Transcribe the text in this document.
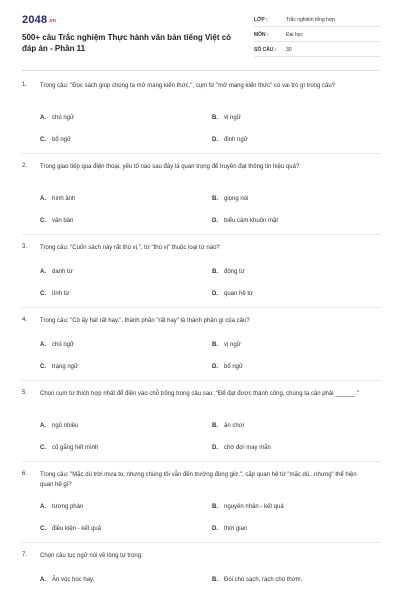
2048.vn
500+ câu Trắc nghiệm Thực hành văn bản tiếng Việt có đáp án - Phần 11
LỚP :	Trắc nghiệm tổng hợp
MÔN :	Đại học
SỐ CÂU : 30
1. Trong câu: "Đọc sách giúp chúng ta mở mang kiến thức.", cụm từ "mở mang kiến thức" có vai trò gì trong câu?
A. chủ ngữ	B. vị ngữ
C. bổ ngữ	D. định ngữ
2. Trong giao tiếp qua điện thoại, yếu tố nào sau đây là quan trọng để truyền đạt thông tin hiệu quả?
A. hình ảnh	B. giọng nói
C. văn bản	D. biểu cảm khuôn mặt
3. Trong câu: "Cuốn sách này rất thú vị.", từ "thú vị" thuộc loại từ nào?
A. danh từ	B. động từ
C. tính từ	D. quan hệ từ
4. Trong câu: "Cô ấy hát rất hay.", thành phần "rất hay" là thành phần gì của câu?
A. chủ ngữ	B. vị ngữ
C. trạng ngữ	D. bổ ngữ
5. Chọn cụm từ thích hợp nhất để điền vào chỗ trống trong câu sau: "Để đạt được thành công, chúng ta cần phải ______."
A. ngủ nhiều	B. ăn chơi
C. cố gắng hết mình	D. chờ đợi may mắn
6. Trong câu: "Mặc dù trời mưa to, nhưng chúng tôi vẫn đến trường đúng giờ.", cặp quan hệ từ "mặc dù...nhưng" thể hiện quan hệ gì?
A. tương phản	B. nguyên nhân - kết quả
C. điều kiện - kết quả	D. thời gian
7. Chọn câu tục ngữ nói về lòng tự trọng:
A. Ăn vóc học hay.	B. Đói cho sạch, rách cho thơm.
